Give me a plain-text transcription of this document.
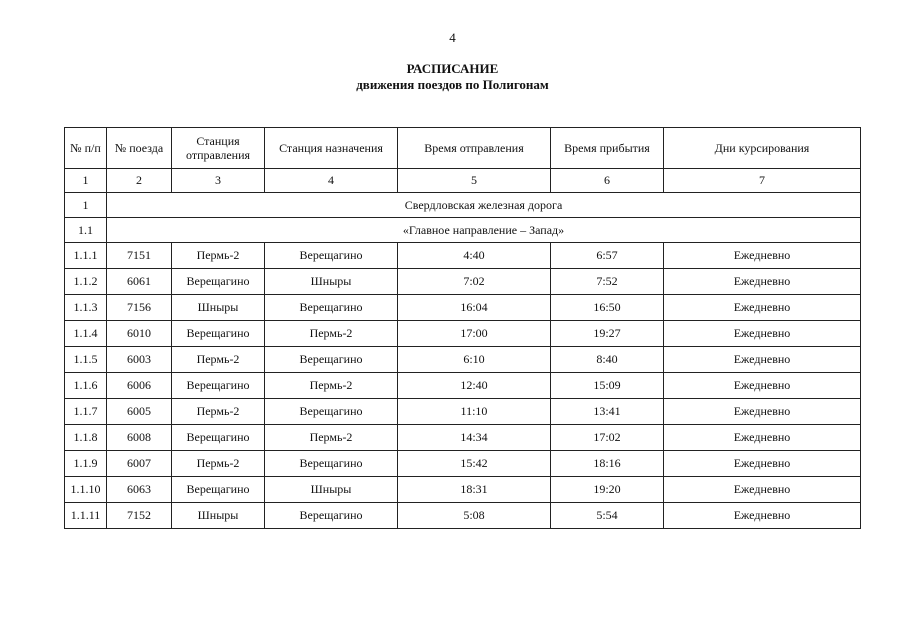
4
РАСПИСАНИЕ
движения поездов по Полигонам
№ п/п	№ поезда	Станция отправления	Станция назначения	Время отправления	Время прибытия	Дни курсирования
1	2	3	4	5	6	7
1	Свердловская железная дорога					
1.1	«Главное направление – Запад»					
1.1.1	7151	Пермь-2	Верещагино	4:40	6:57	Ежедневно
1.1.2	6061	Верещагино	Шныры	7:02	7:52	Ежедневно
1.1.3	7156	Шныры	Верещагино	16:04	16:50	Ежедневно
1.1.4	6010	Верещагино	Пермь-2	17:00	19:27	Ежедневно
1.1.5	6003	Пермь-2	Верещагино	6:10	8:40	Ежедневно
1.1.6	6006	Верещагино	Пермь-2	12:40	15:09	Ежедневно
1.1.7	6005	Пермь-2	Верещагино	11:10	13:41	Ежедневно
1.1.8	6008	Верещагино	Пермь-2	14:34	17:02	Ежедневно
1.1.9	6007	Пермь-2	Верещагино	15:42	18:16	Ежедневно
1.1.10	6063	Верещагино	Шныры	18:31	19:20	Ежедневно
1.1.11	7152	Шныры	Верещагино	5:08	5:54	Ежедневно
